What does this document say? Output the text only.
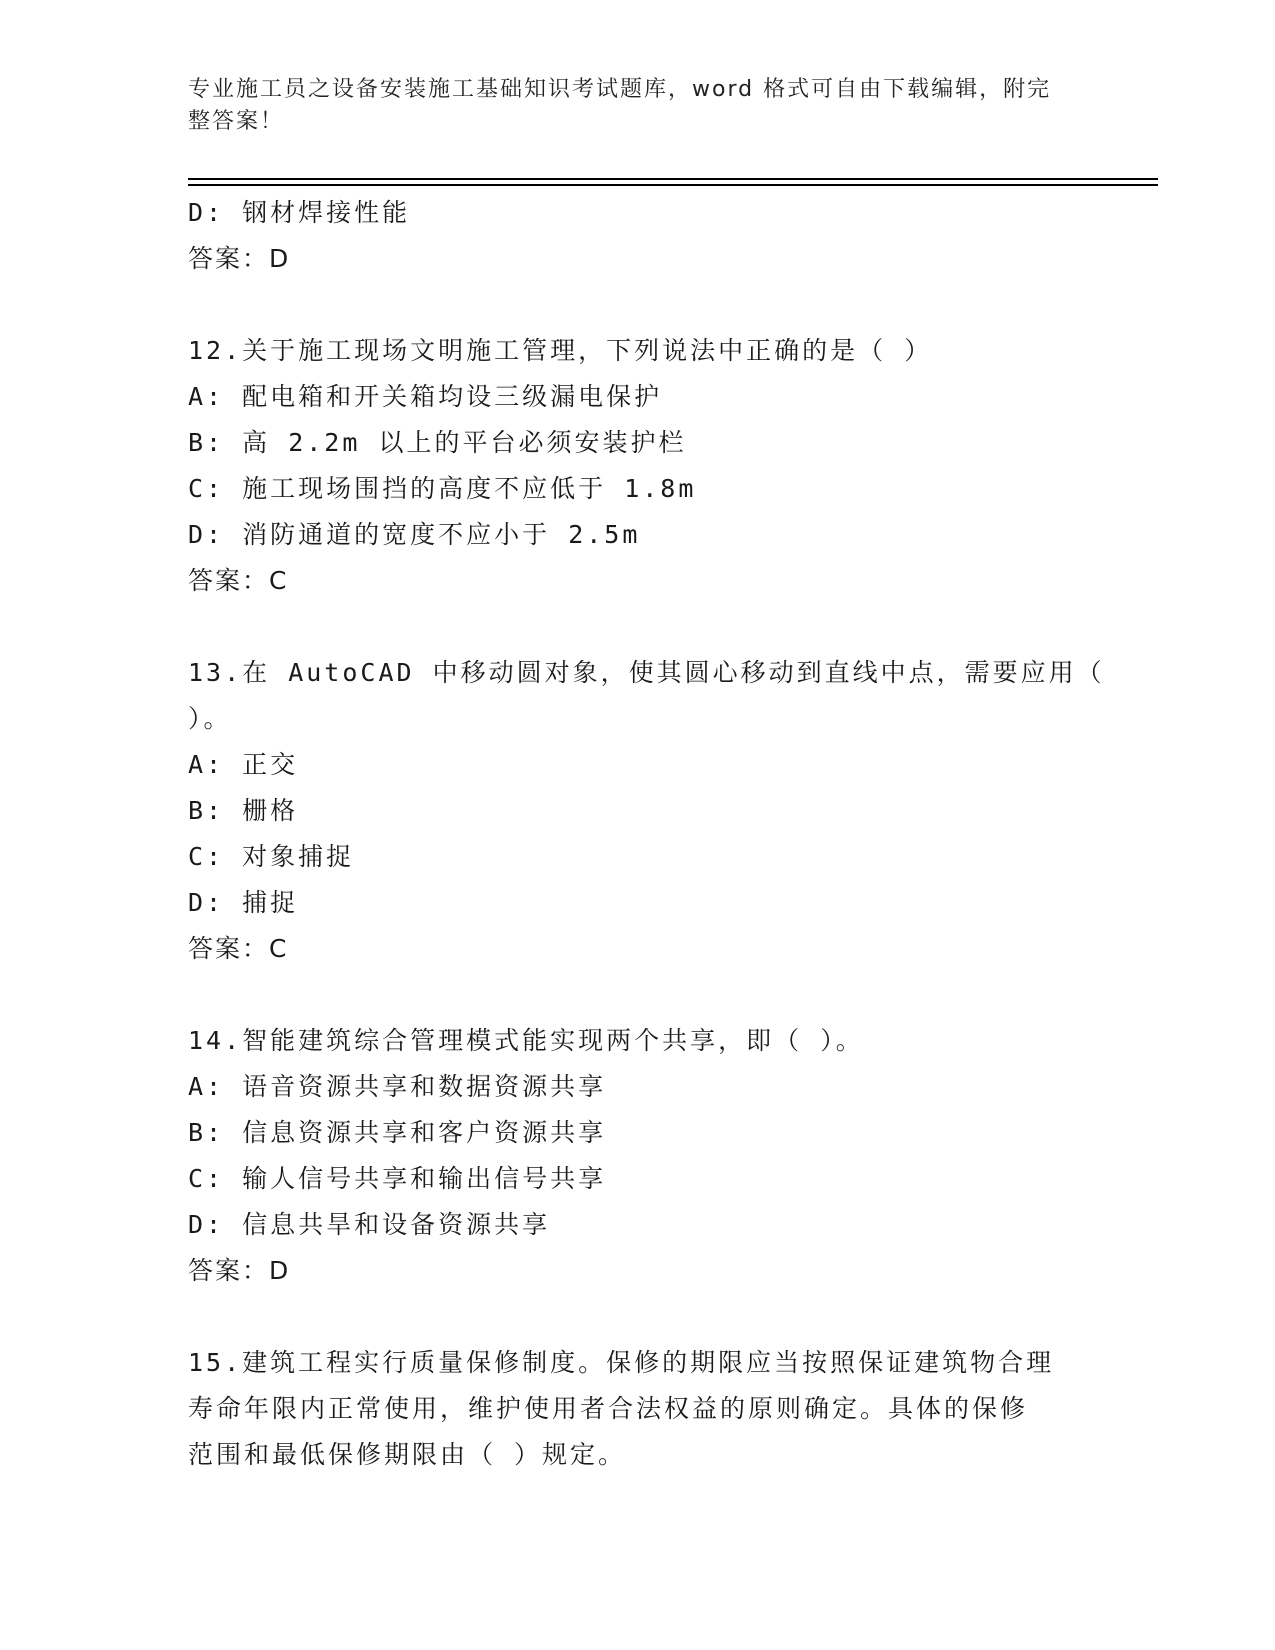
专业施工员之设备安装施工基础知识考试题库，word 格式可自由下载编辑，附完整答案！
D: 钢材焊接性能
答案：D
12.关于施工现场文明施工管理，下列说法中正确的是（ ）
A: 配电箱和开关箱均设三级漏电保护
B: 高 2.2m 以上的平台必须安装护栏
C: 施工现场围挡的高度不应低于 1.8m
D: 消防通道的宽度不应小于 2.5m
答案：C
13.在 AutoCAD 中移动圆对象，使其圆心移动到直线中点，需要应用（
）。
A: 正交
B: 栅格
C: 对象捕捉
D: 捕捉
答案：C
14.智能建筑综合管理模式能实现两个共享，即（ ）。
A: 语音资源共享和数据资源共享
B: 信息资源共享和客户资源共享
C: 输人信号共享和输出信号共享
D: 信息共旱和设备资源共享
答案：D
15.建筑工程实行质量保修制度。保修的期限应当按照保证建筑物合理
寿命年限内正常使用，维护使用者合法权益的原则确定。具体的保修
范围和最低保修期限由（ ）规定。
